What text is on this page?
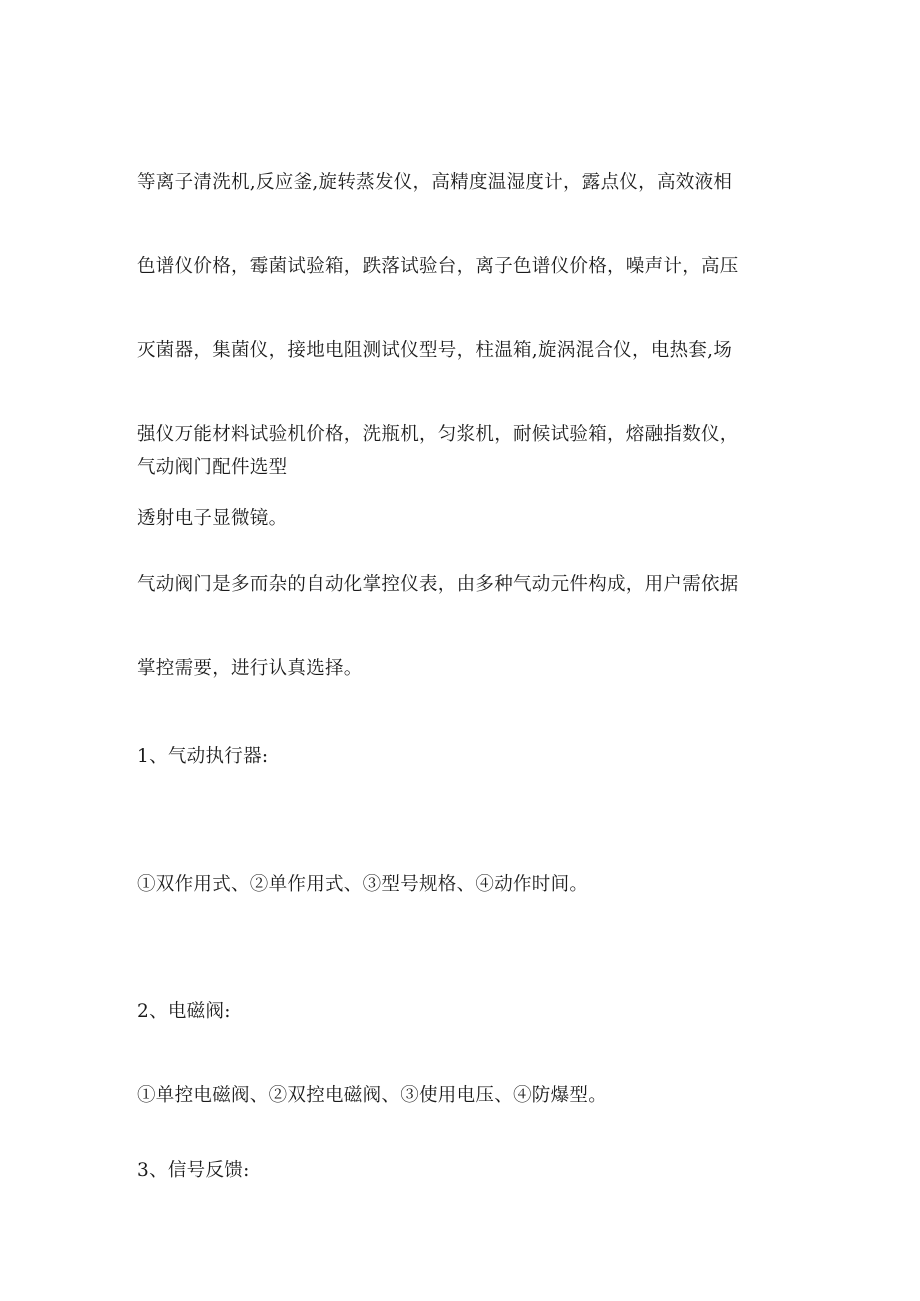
等离子清洗机,反应釜,旋转蒸发仪，高精度温湿度计，露点仪，高效液相

色谱仪价格，霉菌试验箱，跌落试验台，离子色谱仪价格，噪声计，高压

灭菌器，集菌仪，接地电阻测试仪型号，柱温箱,旋涡混合仪，电热套,场

强仪万能材料试验机价格，洗瓶机，匀浆机，耐候试验箱，熔融指数仪，

透射电子显微镜。

气动阀门配件选型

气动阀门是多而杂的自动化掌控仪表，由多种气动元件构成，用户需依据

掌控需要，进行认真选择。

1、气动执行器:

①双作用式、②单作用式、③型号规格、④动作时间。

2、电磁阀:

①单控电磁阀、②双控电磁阀、③使用电压、④防爆型。

3、信号反馈:
